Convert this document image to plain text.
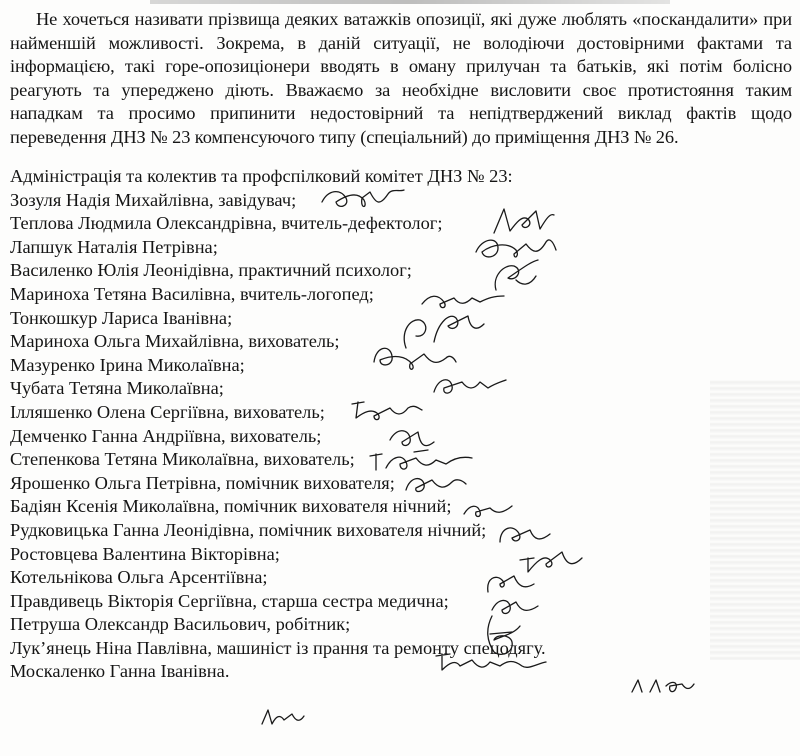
Не хочеться називати прізвища деяких ватажків опозиції, які дуже люблять «поскандалити» при найменшій можливості. Зокрема, в даній ситуації, не володіючи достовірними фактами та інформацією, такі горе-опозиціонери вводять в оману прилучан та батьків, які потім болісно реагують та упереджено діють. Вважаємо за необхідне висловити своє протистояння таким нападкам та просимо припинити недостовірний та непідтверджений виклад фактів щодо переведення ДНЗ № 23 компенсуючого типу (спеціальний) до приміщення ДНЗ № 26.

Адміністрація та колектив та профспілковий комітет ДНЗ № 23:
Зозуля Надія Михайлівна, завідувач;
Теплова Людмила Олександрівна, вчитель-дефектолог;
Лапшук Наталія Петрівна;
Василенко Юлія Леонідівна, практичний психолог;
Мариноха Тетяна Василівна, вчитель-логопед;
Тонкошкур Лариса Іванівна;
Мариноха Ольга Михайлівна, вихователь;
Мазуренко Ірина Миколаївна;
Чубата Тетяна Миколаївна;
Ілляшенко Олена Сергіївна, вихователь;
Демченко Ганна Андріївна, вихователь;
Степенкова Тетяна Миколаївна, вихователь;
Ярошенко Ольга Петрівна, помічник вихователя;
Бадіян Ксенія Миколаївна, помічник вихователя нічний;
Рудковицька Ганна Леонідівна, помічник вихователя нічний;
Ростовцева Валентина Вікторівна;
Котельнікова Ольга Арсентіївна;
Правдивець Вікторія Сергіївна, старша сестра медична;
Петруша Олександр Васильович, робітник;
Лук’янець Ніна Павлівна, машиніст із прання та ремонту спецодягу.
Москаленко Ганна Іванівна.
